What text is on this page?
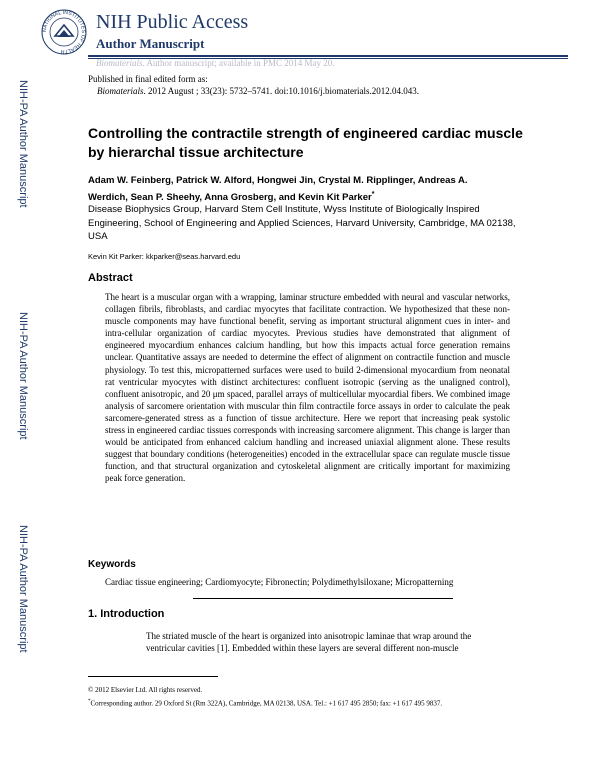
NATIONAL INSTITUTES OF HEALTH
NIH Public Access
Author Manuscript
Biomaterials. Author manuscript; available in PMC 2014 May 20.
Published in final edited form as:
Biomaterials. 2012 August ; 33(23): 5732–5741. doi:10.1016/j.biomaterials.2012.04.043.
NIH-PA Author Manuscript
NIH-PA Author Manuscript
NIH-PA Author Manuscript
Controlling the contractile strength of engineered cardiac muscle by hierarchal tissue architecture
Adam W. Feinberg, Patrick W. Alford, Hongwei Jin, Crystal M. Ripplinger, Andreas A. Werdich, Sean P. Sheehy, Anna Grosberg, and Kevin Kit Parker*
Disease Biophysics Group, Harvard Stem Cell Institute, Wyss Institute of Biologically Inspired Engineering, School of Engineering and Applied Sciences, Harvard University, Cambridge, MA 02138, USA
Kevin Kit Parker: kkparker@seas.harvard.edu
Abstract
The heart is a muscular organ with a wrapping, laminar structure embedded with neural and vascular networks, collagen fibrils, fibroblasts, and cardiac myocytes that facilitate contraction. We hypothesized that these non-muscle components may have functional benefit, serving as important structural alignment cues in inter- and intra-cellular organization of cardiac myocytes. Previous studies have demonstrated that alignment of engineered myocardium enhances calcium handling, but how this impacts actual force generation remains unclear. Quantitative assays are needed to determine the effect of alignment on contractile function and muscle physiology. To test this, micropatterned surfaces were used to build 2-dimensional myocardium from neonatal rat ventricular myocytes with distinct architectures: confluent isotropic (serving as the unaligned control), confluent anisotropic, and 20 μm spaced, parallel arrays of multicellular myocardial fibers. We combined image analysis of sarcomere orientation with muscular thin film contractile force assays in order to calculate the peak sarcomere-generated stress as a function of tissue architecture. Here we report that increasing peak systolic stress in engineered cardiac tissues corresponds with increasing sarcomere alignment. This change is larger than would be anticipated from enhanced calcium handling and increased uniaxial alignment alone. These results suggest that boundary conditions (heterogeneities) encoded in the extracellular space can regulate muscle tissue function, and that structural organization and cytoskeletal alignment are critically important for maximizing peak force generation.
Keywords
Cardiac tissue engineering; Cardiomyocyte; Fibronectin; Polydimethylsiloxane; Micropatterning
1. Introduction
The striated muscle of the heart is organized into anisotropic laminae that wrap around the
ventricular cavities [1]. Embedded within these layers are several different non-muscle
© 2012 Elsevier Ltd. All rights reserved.
*Corresponding author. 29 Oxford St (Rm 322A), Cambridge, MA 02138, USA. Tel.: +1 617 495 2850; fax: +1 617 495 9837.
